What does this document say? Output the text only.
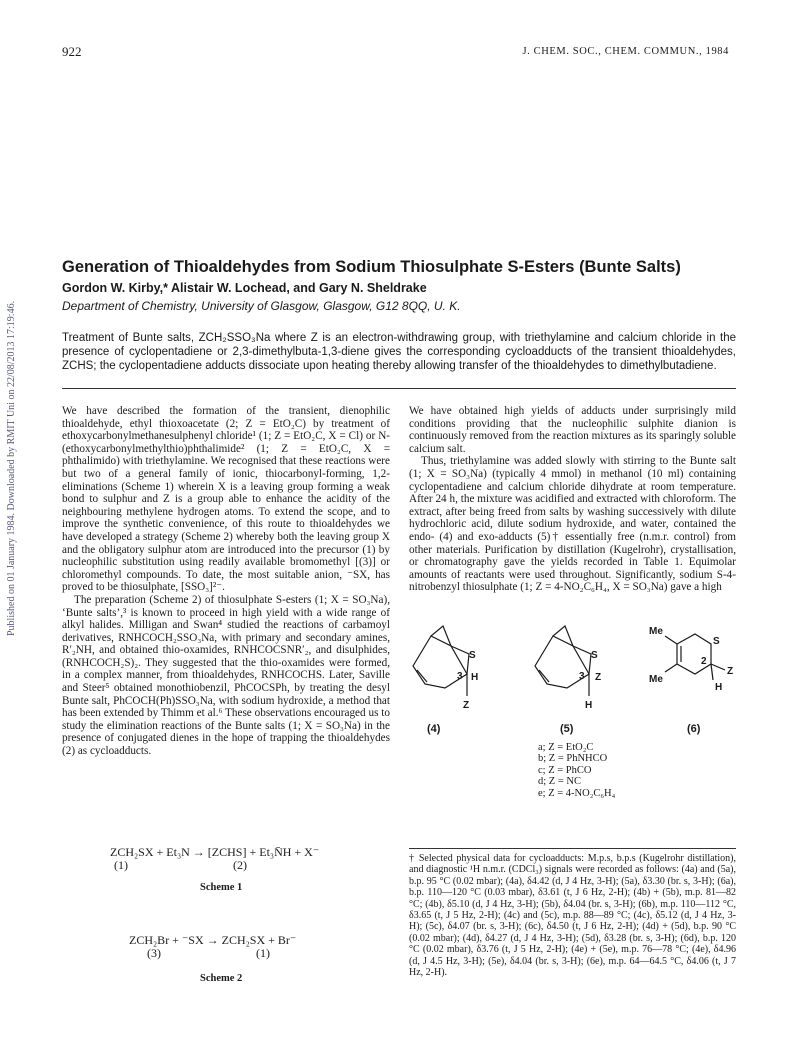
922	J. CHEM. SOC., CHEM. COMMUN., 1984
Published on 01 January 1984. Downloaded by RMIT Uni on 22/08/2013 17:19:46.
Generation of Thioaldehydes from Sodium Thiosulphate S-Esters (Bunte Salts)
Gordon W. Kirby,* Alistair W. Lochead, and Gary N. Sheldrake
Department of Chemistry, University of Glasgow, Glasgow, G12 8QQ, U. K.
Treatment of Bunte salts, ZCH₂SSO₃Na where Z is an electron-withdrawing group, with triethylamine and calcium chloride in the presence of cyclopentadiene or 2,3-dimethylbuta-1,3-diene gives the corresponding cycloadducts of the transient thioaldehydes, ZCHS; the cyclopentadiene adducts dissociate upon heating thereby allowing transfer of the thioaldehydes to dimethylbutadiene.

We have described the formation of the transient, dienophilic thioaldehyde, ethyl thioxoacetate (2; Z = EtO₂C) by treatment of ethoxycarbonylmethanesulphenyl chloride¹ (1; Z = EtO₂C, X = Cl) or N-(ethoxycarbonylmethylthio)phthalimide² (1; Z = EtO₂C, X = phthalimido) with triethylamine. We recognised that these reactions were but two of a general family of ionic, thiocarbonyl-forming, 1,2-eliminations (Scheme 1) wherein X is a leaving group forming a weak bond to sulphur and Z is a group able to enhance the acidity of the neighbouring methylene hydrogen atoms. To extend the scope, and to improve the synthetic convenience, of this route to thioaldehydes we have developed a strategy (Scheme 2) whereby both the leaving group X and the obligatory sulphur atom are introduced into the precursor (1) by nucleophilic substitution using readily available bromomethyl [(3)] or chloromethyl compounds. To date, the most suitable anion, ⁻SX, has proved to be thiosulphate, [SSO₃]²⁻.

The preparation (Scheme 2) of thiosulphate S-esters (1; X = SO₃Na), ‘Bunte salts’,³ is known to proceed in high yield with a wide range of alkyl halides. Milligan and Swan⁴ studied the reactions of carbamoyl derivatives, RNHCOCH₂SSO₃Na, with primary and secondary amines, R′₂NH, and obtained thio-oxamides, RNHCOCSNR′₂, and disulphides, (RNHCOCH₂S)₂. They suggested that the thio-oxamides were formed, in a complex manner, from thioaldehydes, RNHCOCHS. Later, Saville and Steer⁵ obtained monothiobenzil, PhCOCSPh, by treating the desyl Bunte salt, PhCOCH(Ph)SSO₃Na, with sodium hydroxide, a method that has been extended by Thimm et al.⁶ These observations encouraged us to study the elimination reactions of the Bunte salts (1; X = SO₃Na) in the presence of conjugated dienes in the hope of trapping the thioaldehydes (2) as cycloadducts.

ZCH₂SX + Et₃N → [ZCHS] + Et₃N̄H + X⁻
(1)	(2)
Scheme 1
ZCH₂Br + ⁻SX → ZCH₂SX + Br⁻
(3)	(1)
Scheme 2

We have obtained high yields of adducts under surprisingly mild conditions providing that the nucleophilic sulphite dianion is continuously removed from the reaction mixtures as its sparingly soluble calcium salt.

Thus, triethylamine was added slowly with stirring to the Bunte salt (1; X = SO₃Na) (typically 4 mmol) in methanol (10 ml) containing cyclopentadiene and calcium chloride dihydrate at room temperature. After 24 h, the mixture was acidified and extracted with chloroform. The extract, after being freed from salts by washing successively with dilute hydrochloric acid, dilute sodium hydroxide, and water, contained the endo- (4) and exo-adducts (5)† essentially free (n.m.r. control) from other materials. Purification by distillation (Kugelrohr), crystallisation, or chromatography gave the yields recorded in Table 1. Equimolar amounts of reactants were used throughout. Significantly, sodium S-4-nitrobenzyl thiosulphate (1; Z = 4-NO₂C₆H₄, X = SO₃Na) gave a high

S
3 H
Z
S
3 Z
H
Me
Me
S
2
Z
H
(4)	(5)	(6)
a; Z = EtO₂C
b; Z = PhNHCO
c; Z = PhCO
d; Z = NC
e; Z = 4-NO₂C₆H₄
† Selected physical data for cycloadducts: M.p.s, b.p.s (Kugelrohr distillation), and diagnostic ¹H n.m.r. (CDCl₃) signals were recorded as follows: (4a) and (5a), b.p. 95 °C (0.02 mbar); (4a), δ4.42 (d, J 4 Hz, 3-H); (5a), δ3.30 (br. s, 3-H); (6a), b.p. 110—120 °C (0.03 mbar), δ3.61 (t, J 6 Hz, 2-H); (4b) + (5b), m.p. 81—82 °C; (4b), δ5.10 (d, J 4 Hz, 3-H); (5b), δ4.04 (br. s, 3-H); (6b), m.p. 110—112 °C, δ3.65 (t, J 5 Hz, 2-H); (4c) and (5c), m.p. 88—89 °C; (4c), δ5.12 (d, J 4 Hz, 3-H); (5c), δ4.07 (br. s, 3-H); (6c), δ4.50 (t, J 6 Hz, 2-H); (4d) + (5d), b.p. 90 °C (0.02 mbar); (4d), δ4.27 (d, J 4 Hz, 3-H); (5d), δ3.28 (br. s, 3-H); (6d), b.p. 120 °C (0.02 mbar), δ3.76 (t, J 5 Hz, 2-H); (4e) + (5e), m.p. 76—78 °C; (4e), δ4.96 (d, J 4.5 Hz, 3-H); (5e), δ4.04 (br. s, 3-H); (6e), m.p. 64—64.5 °C, δ4.06 (t, J 7 Hz, 2-H).
